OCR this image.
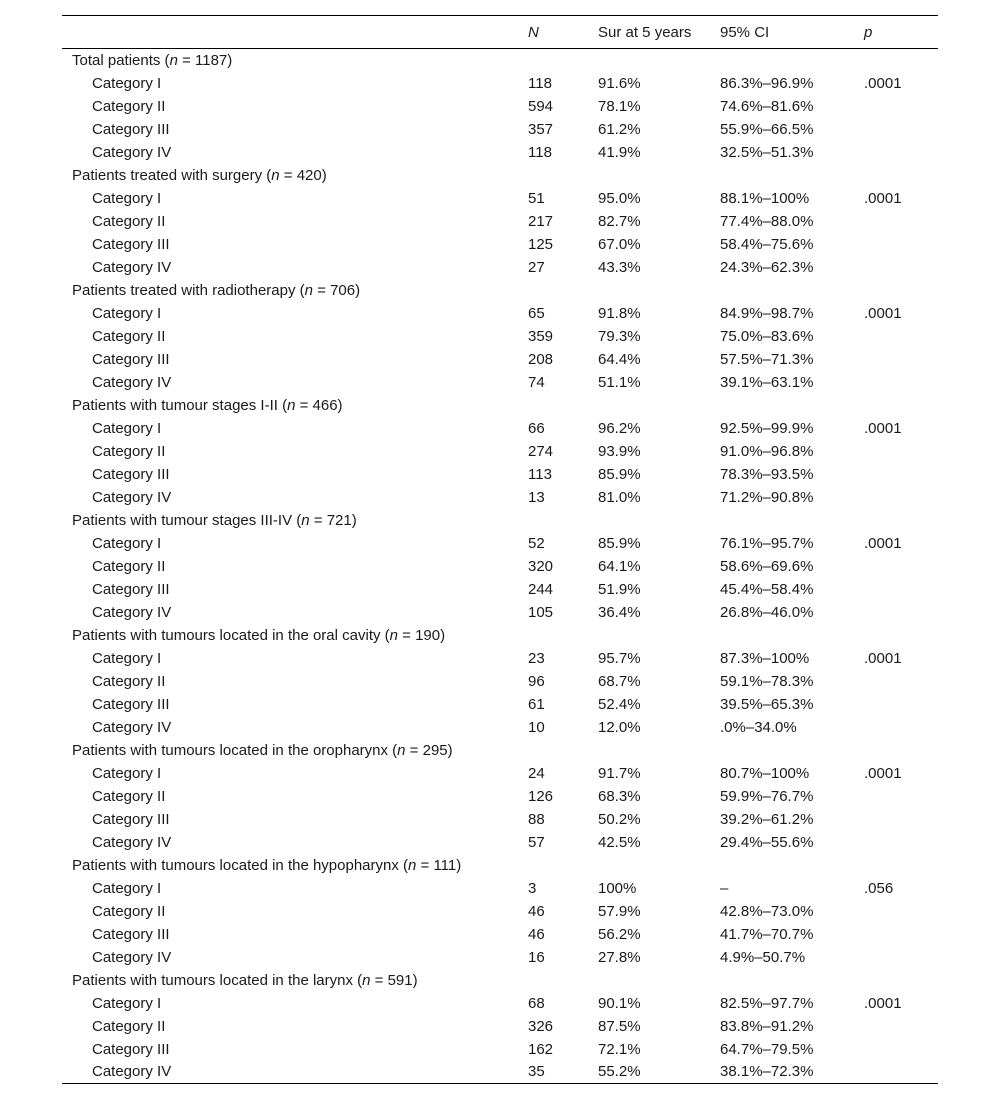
	N	Sur at 5 years	95% CI	p
Total patients (n = 1187)				
Category I	118	91.6%	86.3%–96.9%	.0001
Category II	594	78.1%	74.6%–81.6%	
Category III	357	61.2%	55.9%–66.5%	
Category IV	118	41.9%	32.5%–51.3%	
Patients treated with surgery (n = 420)				
Category I	51	95.0%	88.1%–100%	.0001
Category II	217	82.7%	77.4%–88.0%	
Category III	125	67.0%	58.4%–75.6%	
Category IV	27	43.3%	24.3%–62.3%	
Patients treated with radiotherapy (n = 706)				
Category I	65	91.8%	84.9%–98.7%	.0001
Category II	359	79.3%	75.0%–83.6%	
Category III	208	64.4%	57.5%–71.3%	
Category IV	74	51.1%	39.1%–63.1%	
Patients with tumour stages I-II (n = 466)				
Category I	66	96.2%	92.5%–99.9%	.0001
Category II	274	93.9%	91.0%–96.8%	
Category III	113	85.9%	78.3%–93.5%	
Category IV	13	81.0%	71.2%–90.8%	
Patients with tumour stages III-IV (n = 721)				
Category I	52	85.9%	76.1%–95.7%	.0001
Category II	320	64.1%	58.6%–69.6%	
Category III	244	51.9%	45.4%–58.4%	
Category IV	105	36.4%	26.8%–46.0%	
Patients with tumours located in the oral cavity (n = 190)				
Category I	23	95.7%	87.3%–100%	.0001
Category II	96	68.7%	59.1%–78.3%	
Category III	61	52.4%	39.5%–65.3%	
Category IV	10	12.0%	.0%–34.0%	
Patients with tumours located in the oropharynx (n = 295)				
Category I	24	91.7%	80.7%–100%	.0001
Category II	126	68.3%	59.9%–76.7%	
Category III	88	50.2%	39.2%–61.2%	
Category IV	57	42.5%	29.4%–55.6%	
Patients with tumours located in the hypopharynx (n = 111)				
Category I	3	100%	–	.056
Category II	46	57.9%	42.8%–73.0%	
Category III	46	56.2%	41.7%–70.7%	
Category IV	16	27.8%	4.9%–50.7%	
Patients with tumours located in the larynx (n = 591)				
Category I	68	90.1%	82.5%–97.7%	.0001
Category II	326	87.5%	83.8%–91.2%	
Category III	162	72.1%	64.7%–79.5%	
Category IV	35	55.2%	38.1%–72.3%	
